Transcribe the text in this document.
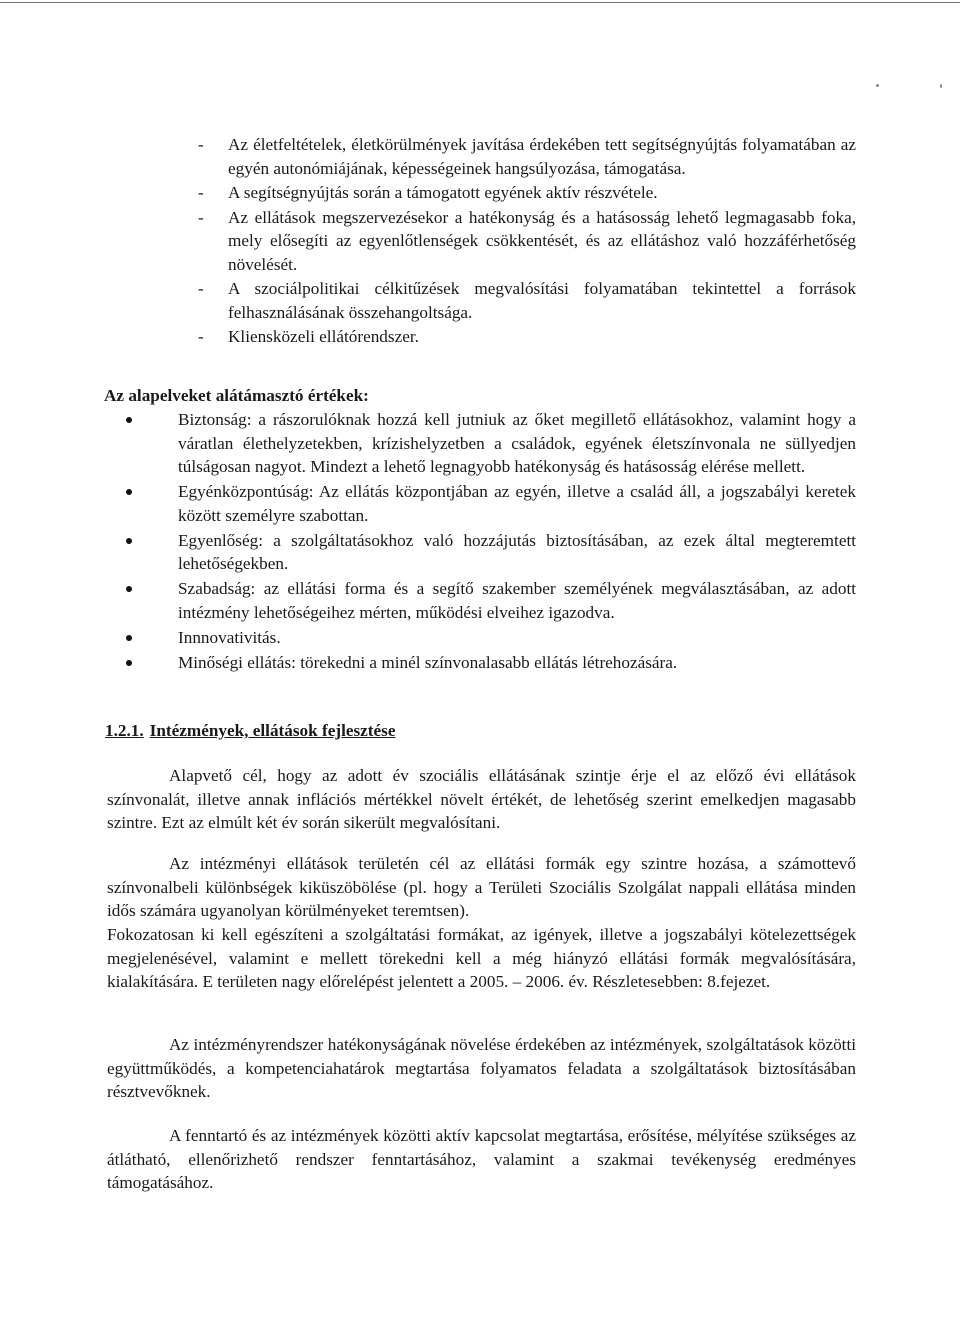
- Az életfeltételek, életkörülmények javítása érdekében tett segítségnyújtás folyamatában az egyén autonómiájának, képességeinek hangsúlyozása, támogatása.
- A segítségnyújtás során a támogatott egyének aktív részvétele.
- Az ellátások megszervezésekor a hatékonyság és a hatásosság lehető legmagasabb foka, mely elősegíti az egyenlőtlenségek csökkentését, és az ellátáshoz való hozzáférhetőség növelését.
- A szociálpolitikai célkitűzések megvalósítási folyamatában tekintettel a források felhasználásának összehangoltsága.
- Kliensközeli ellátórendszer.
Az alapelveket alátámasztó értékek:
Biztonság: a rászorulóknak hozzá kell jutniuk az őket megillető ellátásokhoz, valamint hogy a váratlan élethelyzetekben, krízishelyzetben a családok, egyének életszínvonala ne süllyedjen túlságosan nagyot. Mindezt a lehető legnagyobb hatékonyság és hatásosság elérése mellett.
Egyénközpontúság: Az ellátás központjában az egyén, illetve a család áll, a jogszabályi keretek között személyre szabottan.
Egyenlőség: a szolgáltatásokhoz való hozzájutás biztosításában, az ezek által megteremtett lehetőségekben.
Szabadság: az ellátási forma és a segítő szakember személyének megválasztásában, az adott intézmény lehetőségeihez mérten, működési elveihez igazodva.
Innnovativitás.
Minőségi ellátás: törekedni a minél színvonalasabb ellátás létrehozására.
1.2.1. Intézmények, ellátások fejlesztése

Alapvető cél, hogy az adott év szociális ellátásának szintje érje el az előző évi ellátások színvonalát, illetve annak inflációs mértékkel növelt értékét, de lehetőség szerint emelkedjen magasabb szintre. Ezt az elmúlt két év során sikerült megvalósítani.

Az intézményi ellátások területén cél az ellátási formák egy szintre hozása, a számottevő színvonalbeli különbségek kiküszöbölése (pl. hogy a Területi Szociális Szolgálat nappali ellátása minden idős számára ugyanolyan körülményeket teremtsen).

Fokozatosan ki kell egészíteni a szolgáltatási formákat, az igények, illetve a jogszabályi kötelezettségek megjelenésével, valamint e mellett törekedni kell a még hiányzó ellátási formák megvalósítására, kialakítására. E területen nagy előrelépést jelentett a 2005. – 2006. év. Részletesebben: 8.fejezet.

Az intézményrendszer hatékonyságának növelése érdekében az intézmények, szolgáltatások közötti együttműködés, a kompetenciahatárok megtartása folyamatos feladata a szolgáltatások biztosításában résztvevőknek.

A fenntartó és az intézmények közötti aktív kapcsolat megtartása, erősítése, mélyítése szükséges az átlátható, ellenőrizhető rendszer fenntartásához, valamint a szakmai tevékenység eredményes támogatásához.
